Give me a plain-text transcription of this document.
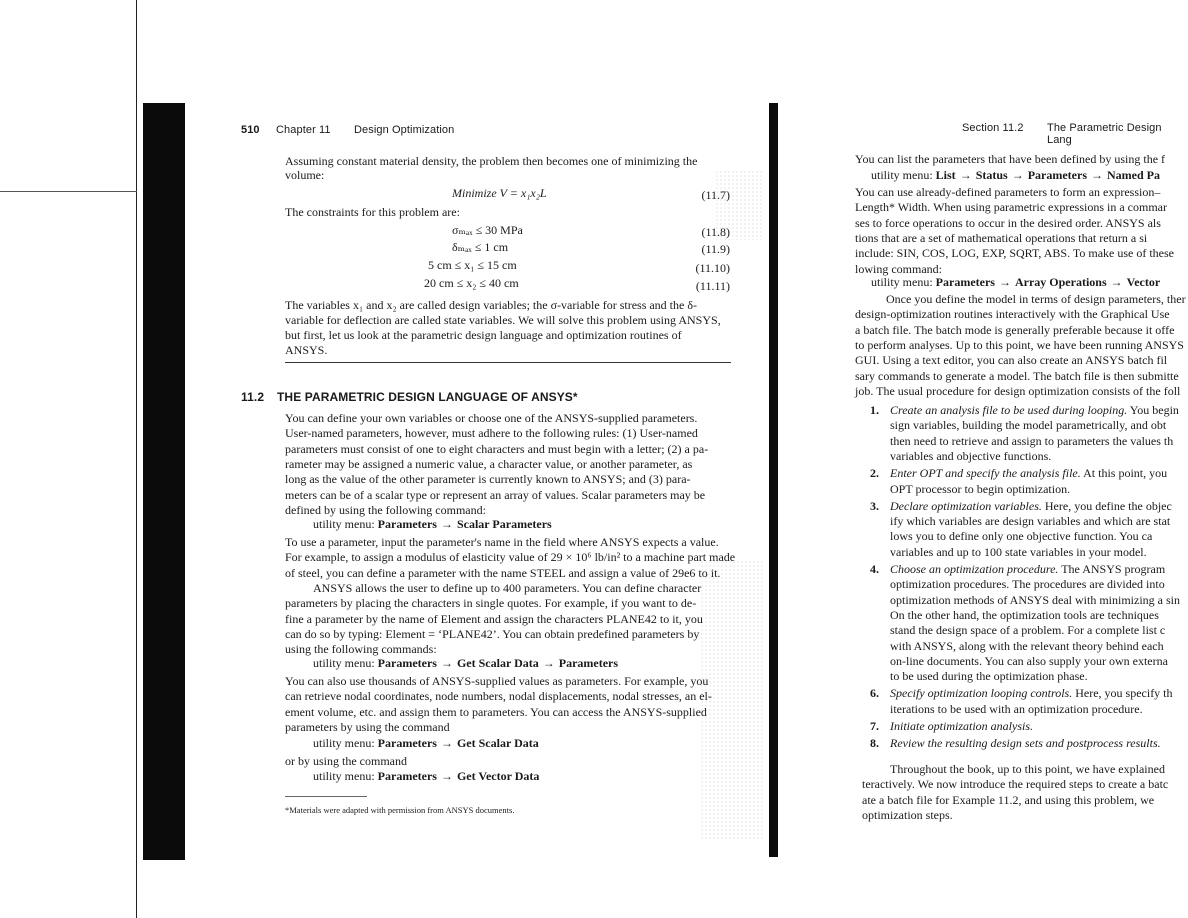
510 Chapter 11 Design Optimization
Assuming constant material density, the problem then becomes one of minimizing the
volume:
Minimize V = x₁x₂L	(11.7)
The constraints for this problem are:
σₘₐₓ ≤ 30 MPa	(11.8)
δₘₐₓ ≤ 1 cm	(11.9)
5 cm ≤ x₁ ≤ 15 cm	(11.10)
20 cm ≤ x₂ ≤ 40 cm	(11.11)
The variables x₁ and x₂ are called design variables; the σ-variable for stress and the δ-
variable for deflection are called state variables. We will solve this problem using ANSYS,
but first, let us look at the parametric design language and optimization routines of
ANSYS.
11.2 THE PARAMETRIC DESIGN LANGUAGE OF ANSYS*
You can define your own variables or choose one of the ANSYS-supplied parameters.
User-named parameters, however, must adhere to the following rules: (1) User-named
parameters must consist of one to eight characters and must begin with a letter; (2) a pa-
rameter may be assigned a numeric value, a character value, or another parameter, as
long as the value of the other parameter is currently known to ANSYS; and (3) para-
meters can be of a scalar type or represent an array of values. Scalar parameters may be
defined by using the following command:
utility menu: Parameters → Scalar Parameters
To use a parameter, input the parameter's name in the field where ANSYS expects a value.
For example, to assign a modulus of elasticity value of 29 × 10⁶ lb/in² to a machine part made
of steel, you can define a parameter with the name STEEL and assign a value of 29e6 to it.
ANSYS allows the user to define up to 400 parameters. You can define character
parameters by placing the characters in single quotes. For example, if you want to de-
fine a parameter by the name of Element and assign the characters PLANE42 to it, you
can do so by typing: Element = ‘PLANE42’. You can obtain predefined parameters by
using the following commands:
utility menu: Parameters → Get Scalar Data → Parameters
You can also use thousands of ANSYS-supplied values as parameters. For example, you
can retrieve nodal coordinates, node numbers, nodal displacements, nodal stresses, an el-
ement volume, etc. and assign them to parameters. You can access the ANSYS-supplied
parameters by using the command
utility menu: Parameters → Get Scalar Data
or by using the command
utility menu: Parameters → Get Vector Data
*Materials were adapted with permission from ANSYS documents.
Section 11.2 The Parametric Design Lang
You can list the parameters that have been defined by using the f
utility menu: List → Status → Parameters → Named Pa
You can use already-defined parameters to form an expression–
Length* Width. When using parametric expressions in a commar
ses to force operations to occur in the desired order. ANSYS als
tions that are a set of mathematical operations that return a si
include: SIN, COS, LOG, EXP, SQRT, ABS. To make use of these
lowing command:
utility menu: Parameters → Array Operations → Vector
Once you define the model in terms of design parameters, ther
design-optimization routines interactively with the Graphical Use
a batch file. The batch mode is generally preferable because it offe
to perform analyses. Up to this point, we have been running ANSYS
GUI. Using a text editor, you can also create an ANSYS batch fil
sary commands to generate a model. The batch file is then submitte
job. The usual procedure for design optimization consists of the foll
1. Create an analysis file to be used during looping. You begin
sign variables, building the model parametrically, and obt
then need to retrieve and assign to parameters the values th
variables and objective functions.
2. Enter OPT and specify the analysis file. At this point, you
OPT processor to begin optimization.
3. Declare optimization variables. Here, you define the objec
ify which variables are design variables and which are stat
lows you to define only one objective function. You ca
variables and up to 100 state variables in your model.
4. Choose an optimization procedure. The ANSYS program
optimization procedures. The procedures are divided into
optimization methods of ANSYS deal with minimizing a sin
On the other hand, the optimization tools are techniques
stand the design space of a problem. For a complete list c
with ANSYS, along with the relevant theory behind each
on-line documents. You can also supply your own externa
to be used during the optimization phase.
6. Specify optimization looping controls. Here, you specify th
iterations to be used with an optimization procedure.
7. Initiate optimization analysis.
8. Review the resulting design sets and postprocess results.
Throughout the book, up to this point, we have explained
teractively. We now introduce the required steps to create a batc
ate a batch file for Example 11.2, and using this problem, we
optimization steps.
